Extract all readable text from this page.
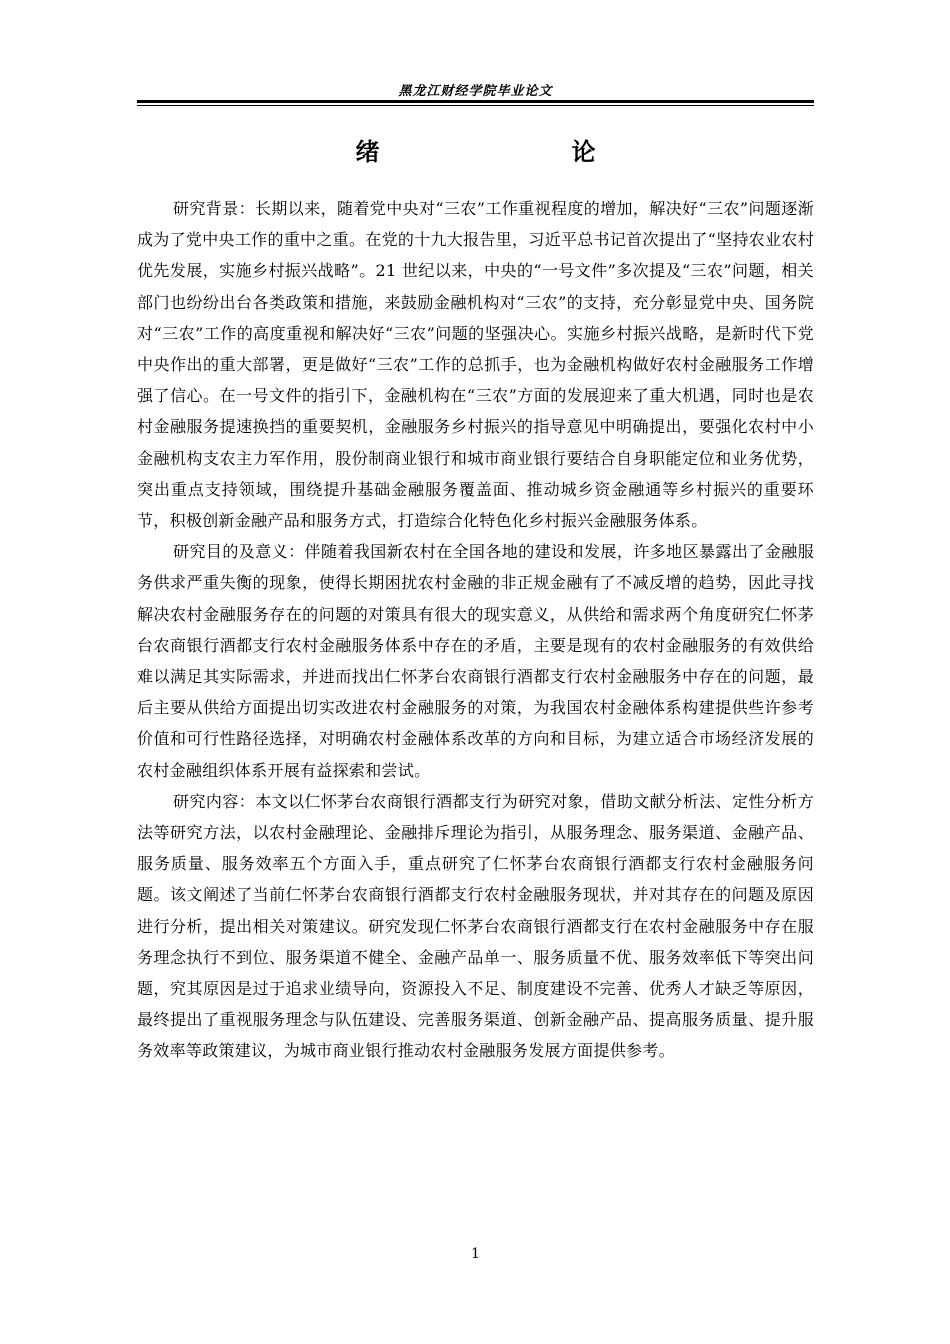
黑龙江财经学院毕业论文
绪　　论

研究背景：长期以来，随着党中央对“三农”工作重视程度的增加，解决好“三农”问题逐渐成为了党中央工作的重中之重。在党的十九大报告里，习近平总书记首次提出了“坚持农业农村优先发展，实施乡村振兴战略”。21 世纪以来，中央的“一号文件”多次提及“三农”问题，相关部门也纷纷出台各类政策和措施，来鼓励金融机构对“三农”的支持，充分彰显党中央、国务院对“三农”工作的高度重视和解决好“三农”问题的坚强决心。实施乡村振兴战略，是新时代下党中央作出的重大部署，更是做好“三农”工作的总抓手，也为金融机构做好农村金融服务工作增强了信心。在一号文件的指引下，金融机构在“三农”方面的发展迎来了重大机遇，同时也是农村金融服务提速换挡的重要契机，金融服务乡村振兴的指导意见中明确提出，要强化农村中小金融机构支农主力军作用，股份制商业银行和城市商业银行要结合自身职能定位和业务优势，突出重点支持领域，围绕提升基础金融服务覆盖面、推动城乡资金融通等乡村振兴的重要环节，积极创新金融产品和服务方式，打造综合化特色化乡村振兴金融服务体系。

研究目的及意义：伴随着我国新农村在全国各地的建设和发展，许多地区暴露出了金融服务供求严重失衡的现象，使得长期困扰农村金融的非正规金融有了不减反增的趋势，因此寻找解决农村金融服务存在的问题的对策具有很大的现实意义，从供给和需求两个角度研究仁怀茅台农商银行酒都支行农村金融服务体系中存在的矛盾，主要是现有的农村金融服务的有效供给难以满足其实际需求，并进而找出仁怀茅台农商银行酒都支行农村金融服务中存在的问题，最后主要从供给方面提出切实改进农村金融服务的对策，为我国农村金融体系构建提供些许参考价值和可行性路径选择，对明确农村金融体系改革的方向和目标，为建立适合市场经济发展的农村金融组织体系开展有益探索和尝试。

研究内容：本文以仁怀茅台农商银行酒都支行为研究对象，借助文献分析法、定性分析方法等研究方法，以农村金融理论、金融排斥理论为指引，从服务理念、服务渠道、金融产品、服务质量、服务效率五个方面入手，重点研究了仁怀茅台农商银行酒都支行农村金融服务问题。该文阐述了当前仁怀茅台农商银行酒都支行农村金融服务现状，并对其存在的问题及原因进行分析，提出相关对策建议。研究发现仁怀茅台农商银行酒都支行在农村金融服务中存在服务理念执行不到位、服务渠道不健全、金融产品单一、服务质量不优、服务效率低下等突出问题，究其原因是过于追求业绩导向，资源投入不足、制度建设不完善、优秀人才缺乏等原因，最终提出了重视服务理念与队伍建设、完善服务渠道、创新金融产品、提高服务质量、提升服务效率等政策建议，为城市商业银行推动农村金融服务发展方面提供参考。

1
